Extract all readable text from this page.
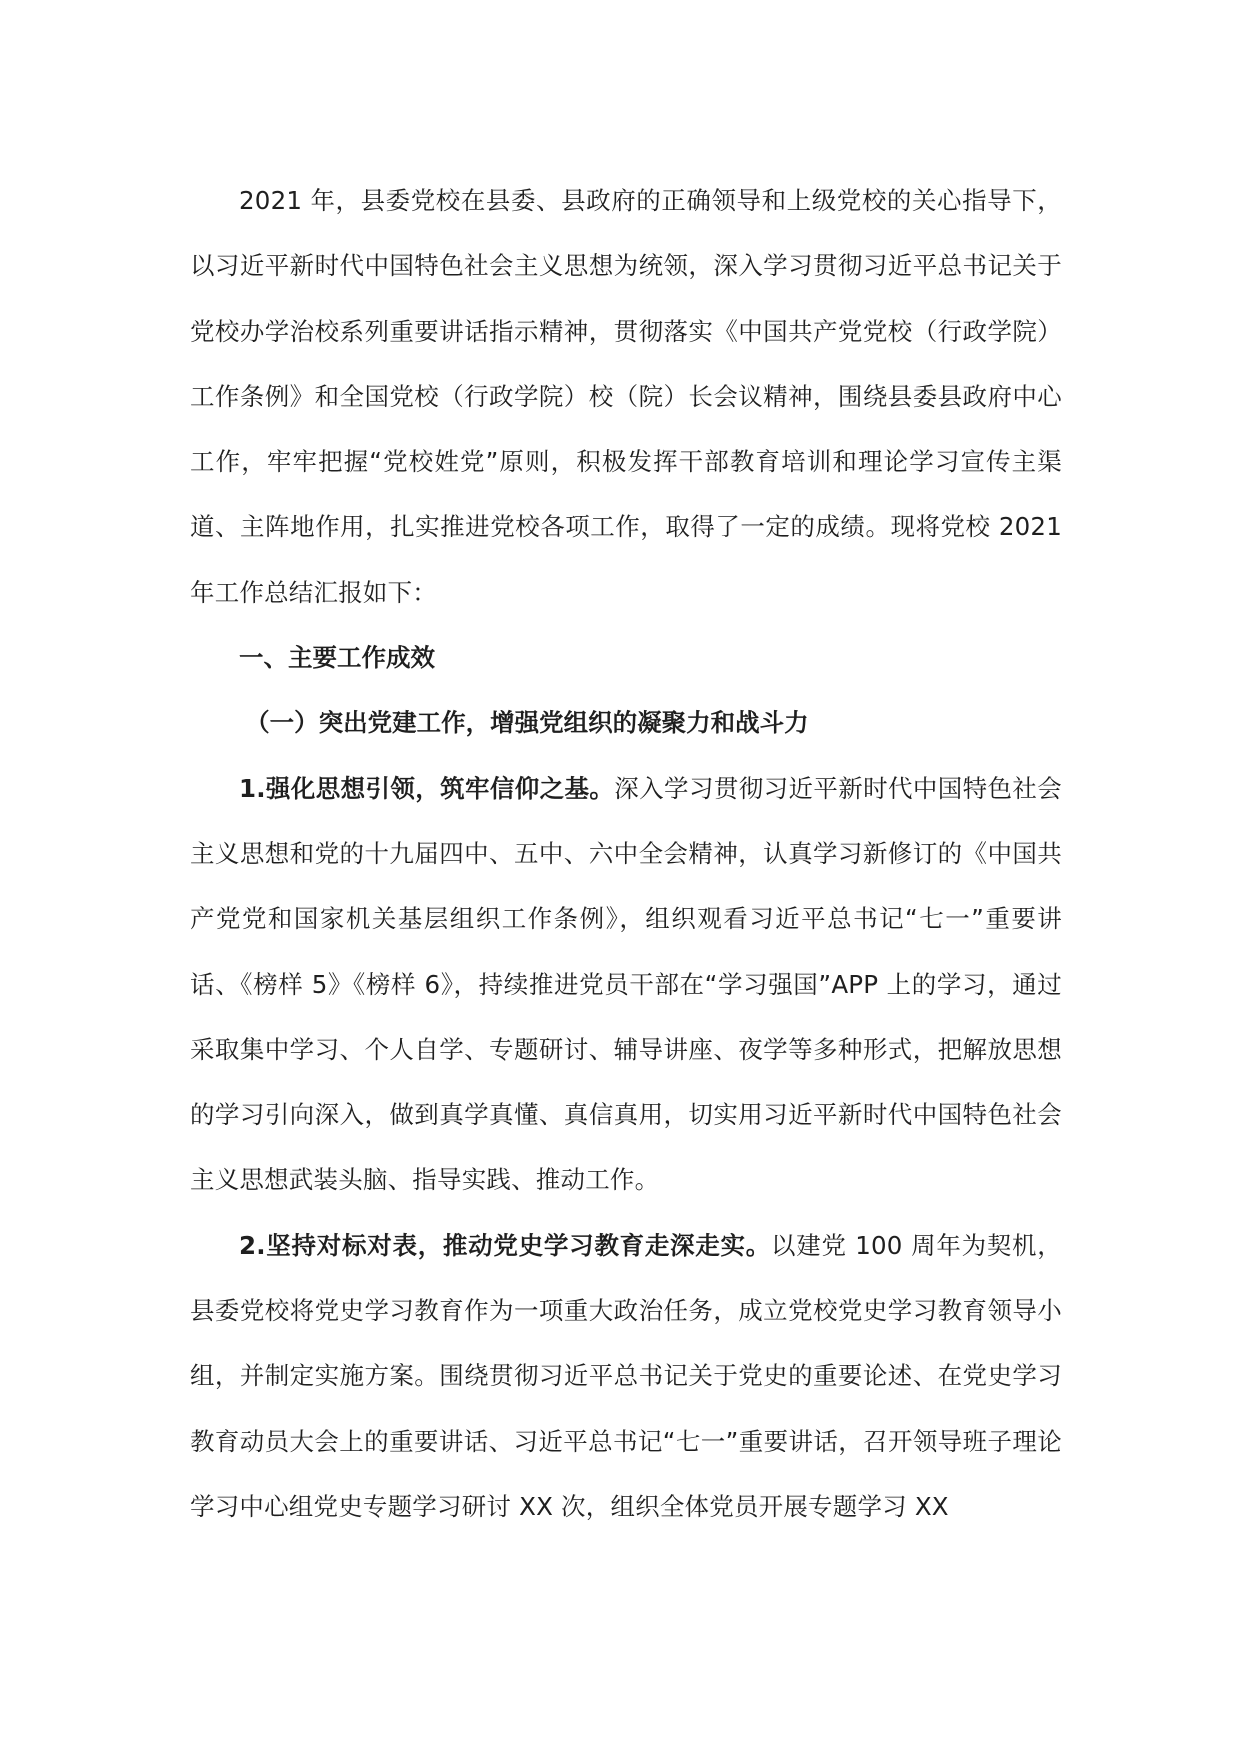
2021 年，县委党校在县委、县政府的正确领导和上级党校的关心指导下，以习近平新时代中国特色社会主义思想为统领，深入学习贯彻习近平总书记关于党校办学治校系列重要讲话指示精神，贯彻落实《中国共产党党校（行政学院）工作条例》和全国党校（行政学院）校（院）长会议精神，围绕县委县政府中心工作，牢牢把握“党校姓党”原则，积极发挥干部教育培训和理论学习宣传主渠道、主阵地作用，扎实推进党校各项工作，取得了一定的成绩。现将党校 2021 年工作总结汇报如下：

一、主要工作成效

（一）突出党建工作，增强党组织的凝聚力和战斗力

1.强化思想引领，筑牢信仰之基。深入学习贯彻习近平新时代中国特色社会主义思想和党的十九届四中、五中、六中全会精神，认真学习新修订的《中国共产党党和国家机关基层组织工作条例》，组织观看习近平总书记“七一”重要讲话、《榜样 5》《榜样 6》，持续推进党员干部在“学习强国”APP 上的学习，通过采取集中学习、个人自学、专题研讨、辅导讲座、夜学等多种形式，把解放思想的学习引向深入，做到真学真懂、真信真用，切实用习近平新时代中国特色社会主义思想武装头脑、指导实践、推动工作。

2.坚持对标对表，推动党史学习教育走深走实。以建党 100 周年为契机，县委党校将党史学习教育作为一项重大政治任务，成立党校党史学习教育领导小组，并制定实施方案。围绕贯彻习近平总书记关于党史的重要论述、在党史学习教育动员大会上的重要讲话、习近平总书记“七一”重要讲话，召开领导班子理论学习中心组党史专题学习研讨 XX 次，组织全体党员开展专题学习 XX
